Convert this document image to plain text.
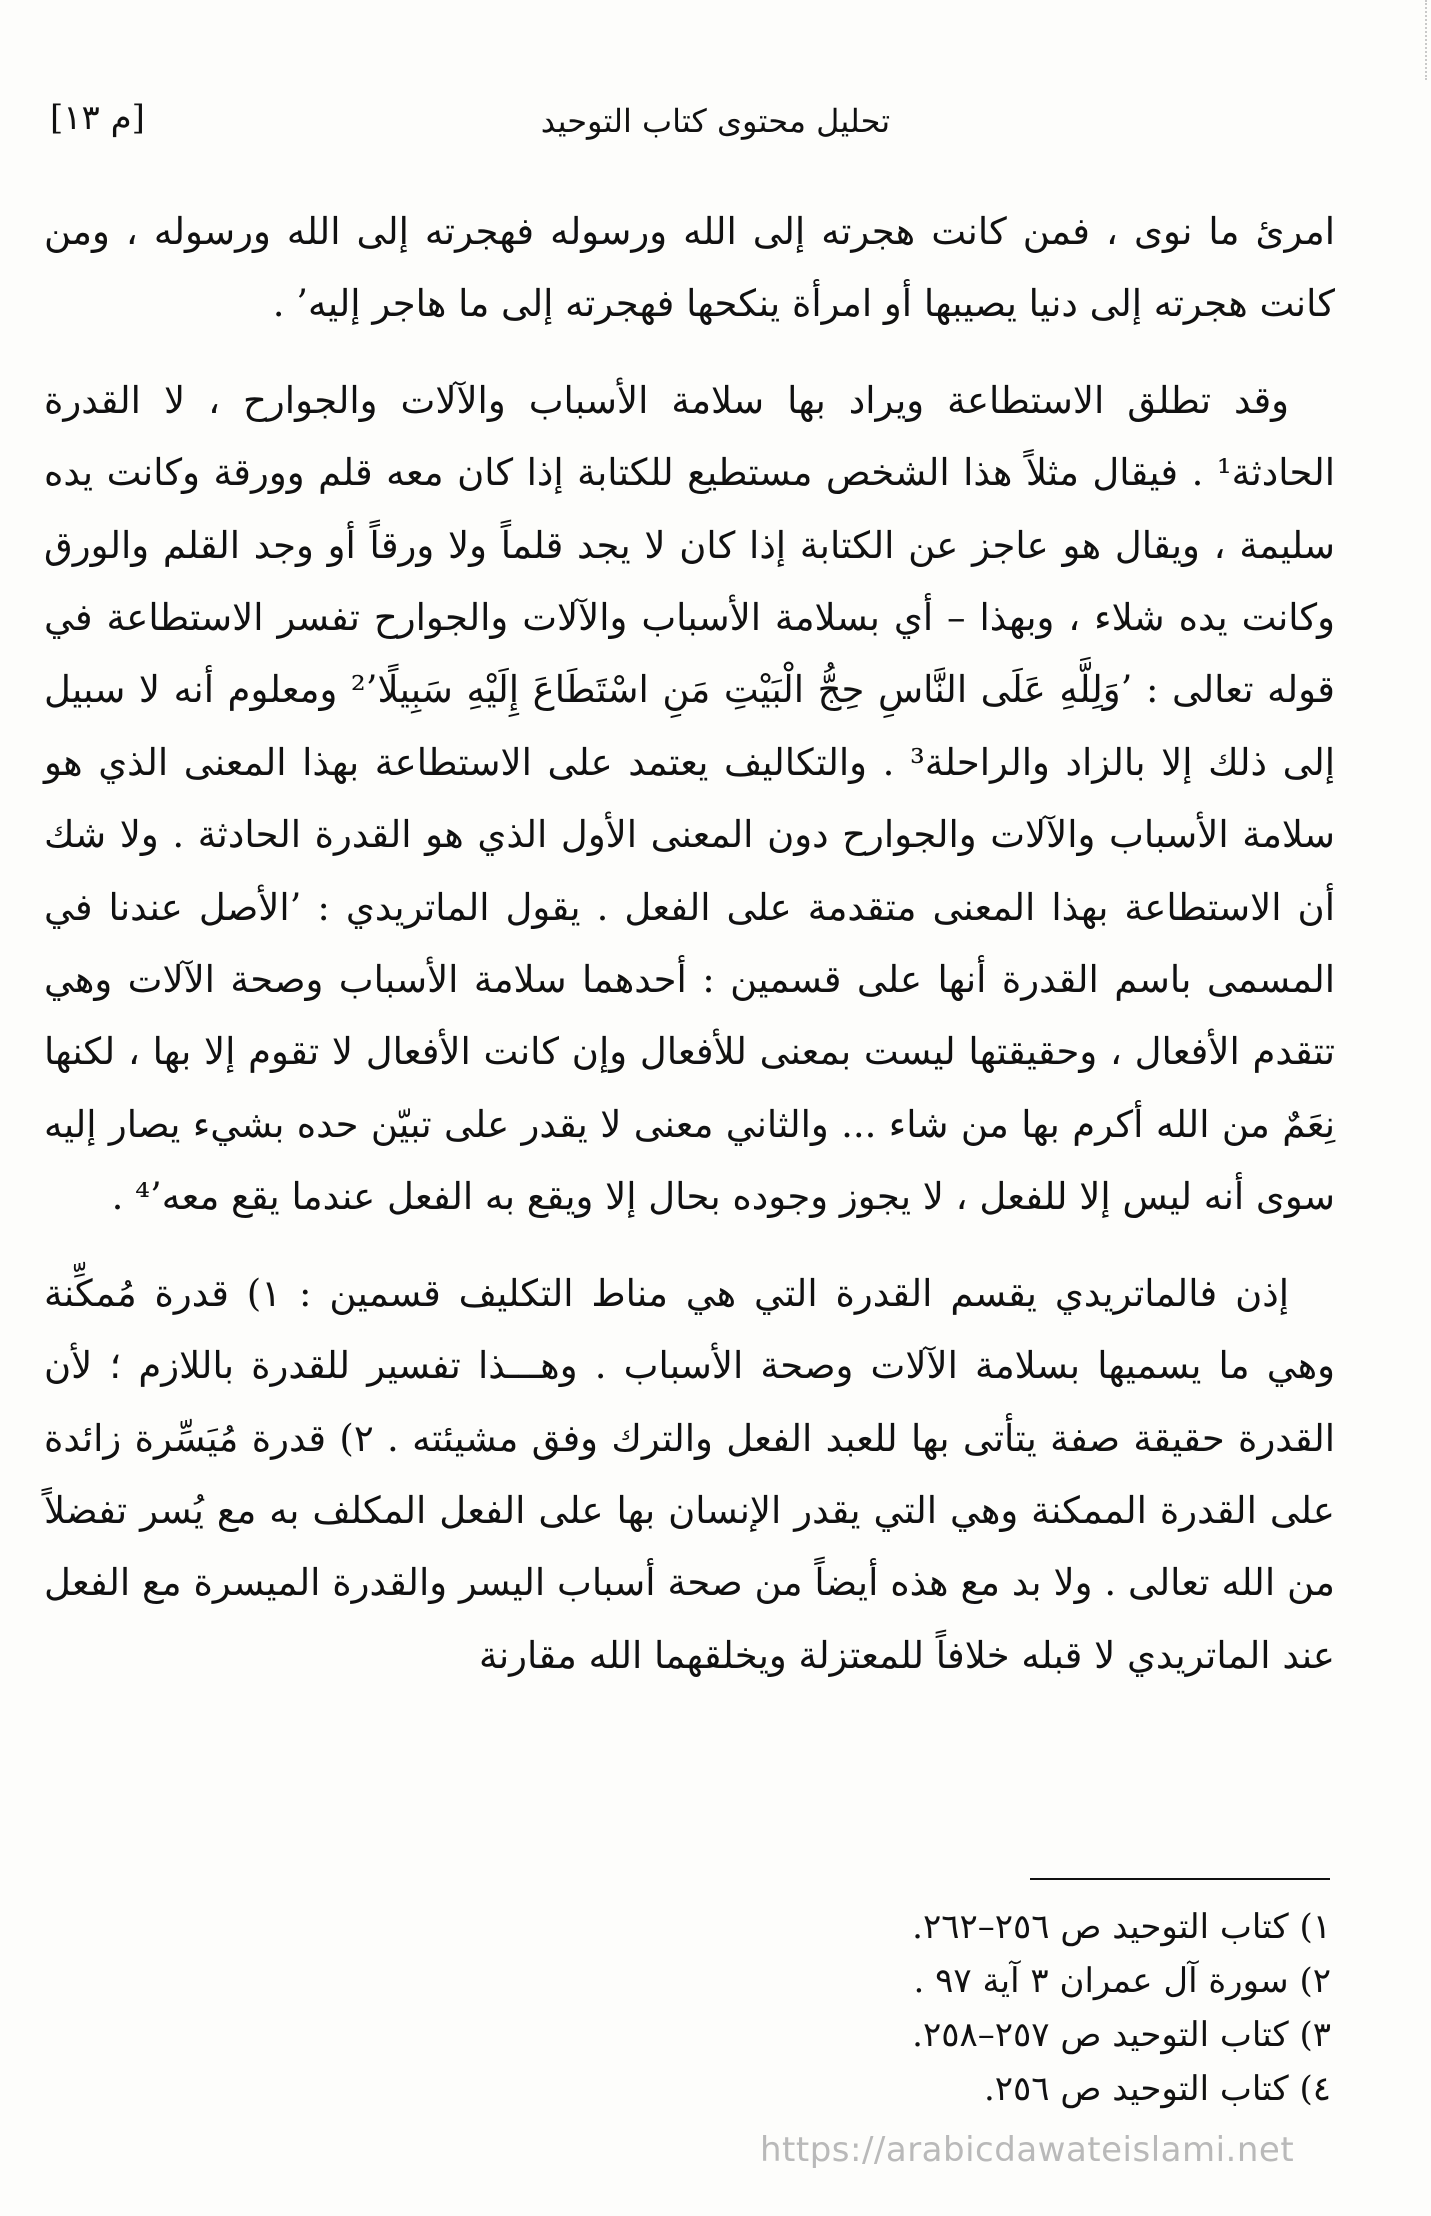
تحليل محتوى كتاب التوحيد
[م ١٣]

امرئ ما نوى ، فمن كانت هجرته إلى الله ورسوله فهجرته إلى الله ورسوله ، ومن كانت هجرته إلى دنيا يصيبها أو امرأة ينكحها فهجرته إلى ما هاجر إليه’ .

وقد تطلق الاستطاعة ويراد بها سلامة الأسباب والآلات والجوارح ، لا القدرة الحادثة¹ . فيقال مثلاً هذا الشخص مستطيع للكتابة إذا كان معه قلم وورقة وكانت يده سليمة ، ويقال هو عاجز عن الكتابة إذا كان لا يجد قلماً ولا ورقاً أو وجد القلم والورق وكانت يده شلاء ، وبهذا – أي بسلامة الأسباب والآلات والجوارح تفسر الاستطاعة في قوله تعالى : ’وَلِلَّهِ عَلَى النَّاسِ حِجُّ الْبَيْتِ مَنِ اسْتَطَاعَ إِلَيْهِ سَبِيلًا’² ومعلوم أنه لا سبيل إلى ذلك إلا بالزاد والراحلة³ . والتكاليف يعتمد على الاستطاعة بهذا المعنى الذي هو سلامة الأسباب والآلات والجوارح دون المعنى الأول الذي هو القدرة الحادثة . ولا شك أن الاستطاعة بهذا المعنى متقدمة على الفعل . يقول الماتريدي : ’الأصل عندنا في المسمى باسم القدرة أنها على قسمين : أحدهما سلامة الأسباب وصحة الآلات وهي تتقدم الأفعال ، وحقيقتها ليست بمعنى للأفعال وإن كانت الأفعال لا تقوم إلا بها ، لكنها نِعَمٌ من الله أكرم بها من شاء ... والثاني معنى لا يقدر على تبيّن حده بشيء يصار إليه سوى أنه ليس إلا للفعل ، لا يجوز وجوده بحال إلا ويقع به الفعل عندما يقع معه’⁴ .

إذن فالماتريدي يقسم القدرة التي هي مناط التكليف قسمين : ١) قدرة مُمكِّنة وهي ما يسميها بسلامة الآلات وصحة الأسباب . وهـــذا تفسير للقدرة باللازم ؛ لأن القدرة حقيقة صفة يتأتى بها للعبد الفعل والترك وفق مشيئته . ٢) قدرة مُيَسِّرة زائدة على القدرة الممكنة وهي التي يقدر الإنسان بها على الفعل المكلف به مع يُسر تفضلاً من الله تعالى . ولا بد مع هذه أيضاً من صحة أسباب اليسر والقدرة الميسرة مع الفعل عند الماتريدي لا قبله خلافاً للمعتزلة ويخلقهما الله مقارنة

١) كتاب التوحيد ص ٢٥٦–٢٦٢.
٢) سورة آل عمران ٣ آية ٩٧ .
٣) كتاب التوحيد ص ٢٥٧–٢٥٨.
٤) كتاب التوحيد ص ٢٥٦.
https://arabicdawateislami.net
